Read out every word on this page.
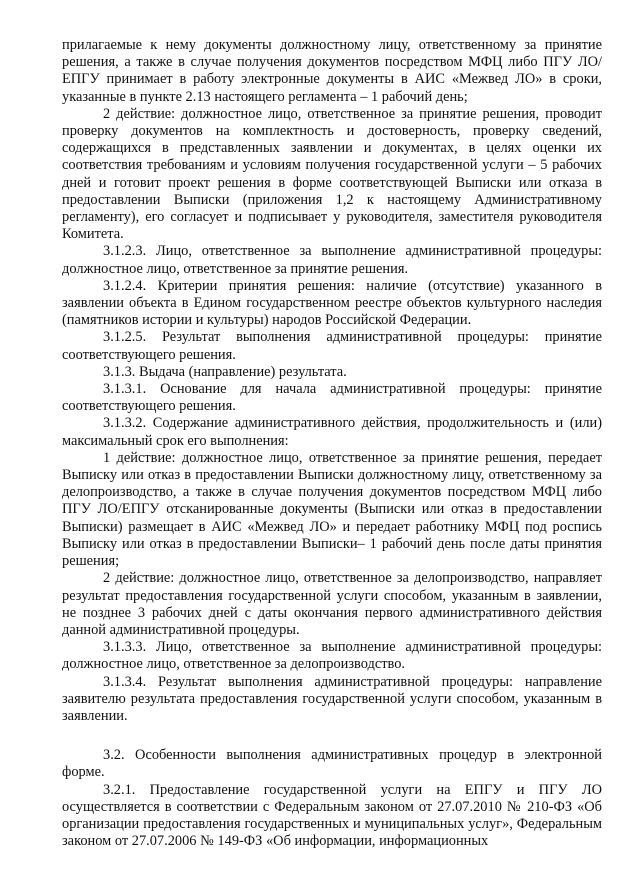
прилагаемые к нему документы должностному лицу, ответственному за принятие решения, а также в случае получения документов посредством МФЦ либо ПГУ ЛО/ЕПГУ принимает в работу электронные документы в АИС «Межвед ЛО» в сроки, указанные в пункте 2.13 настоящего регламента – 1 рабочий день;

2 действие: должностное лицо, ответственное за принятие решения, проводит проверку документов на комплектность и достоверность, проверку сведений, содержащихся в представленных заявлении и документах, в целях оценки их соответствия требованиям и условиям получения государственной услуги – 5 рабочих дней и готовит проект решения в форме соответствующей Выписки или отказа в предоставлении Выписки (приложения 1,2 к настоящему Административному регламенту), его согласует и подписывает у руководителя, заместителя руководителя Комитета.

3.1.2.3. Лицо, ответственное за выполнение административной процедуры: должностное лицо, ответственное за принятие решения.

3.1.2.4. Критерии принятия решения: наличие (отсутствие) указанного в заявлении объекта в Едином государственном реестре объектов культурного наследия (памятников истории и культуры) народов Российской Федерации.

3.1.2.5. Результат выполнения административной процедуры: принятие соответствующего решения.

3.1.3. Выдача (направление) результата.

3.1.3.1. Основание для начала административной процедуры: принятие соответствующего решения.

3.1.3.2. Содержание административного действия, продолжительность и (или) максимальный срок его выполнения:

1 действие: должностное лицо, ответственное за принятие решения, передает Выписку или отказ в предоставлении Выписки должностному лицу, ответственному за делопроизводство, а также в случае получения документов посредством МФЦ либо ПГУ ЛО/ЕПГУ отсканированные документы (Выписки или отказ в предоставлении Выписки) размещает в АИС «Межвед ЛО» и передает работнику МФЦ под роспись Выписку или отказ в предоставлении Выписки– 1 рабочий день после даты принятия решения;

2 действие: должностное лицо, ответственное за делопроизводство, направляет результат предоставления государственной услуги способом, указанным в заявлении, не позднее 3 рабочих дней с даты окончания первого административного действия данной административной процедуры.

3.1.3.3. Лицо, ответственное за выполнение административной процедуры: должностное лицо, ответственное за делопроизводство.

3.1.3.4. Результат выполнения административной процедуры: направление заявителю результата предоставления государственной услуги способом, указанным в заявлении.

3.2. Особенности выполнения административных процедур в электронной форме.

3.2.1. Предоставление государственной услуги на ЕПГУ и ПГУ ЛО осуществляется в соответствии с Федеральным законом от 27.07.2010 № 210-ФЗ «Об организации предоставления государственных и муниципальных услуг», Федеральным законом от 27.07.2006 № 149-ФЗ «Об информации, информационных
